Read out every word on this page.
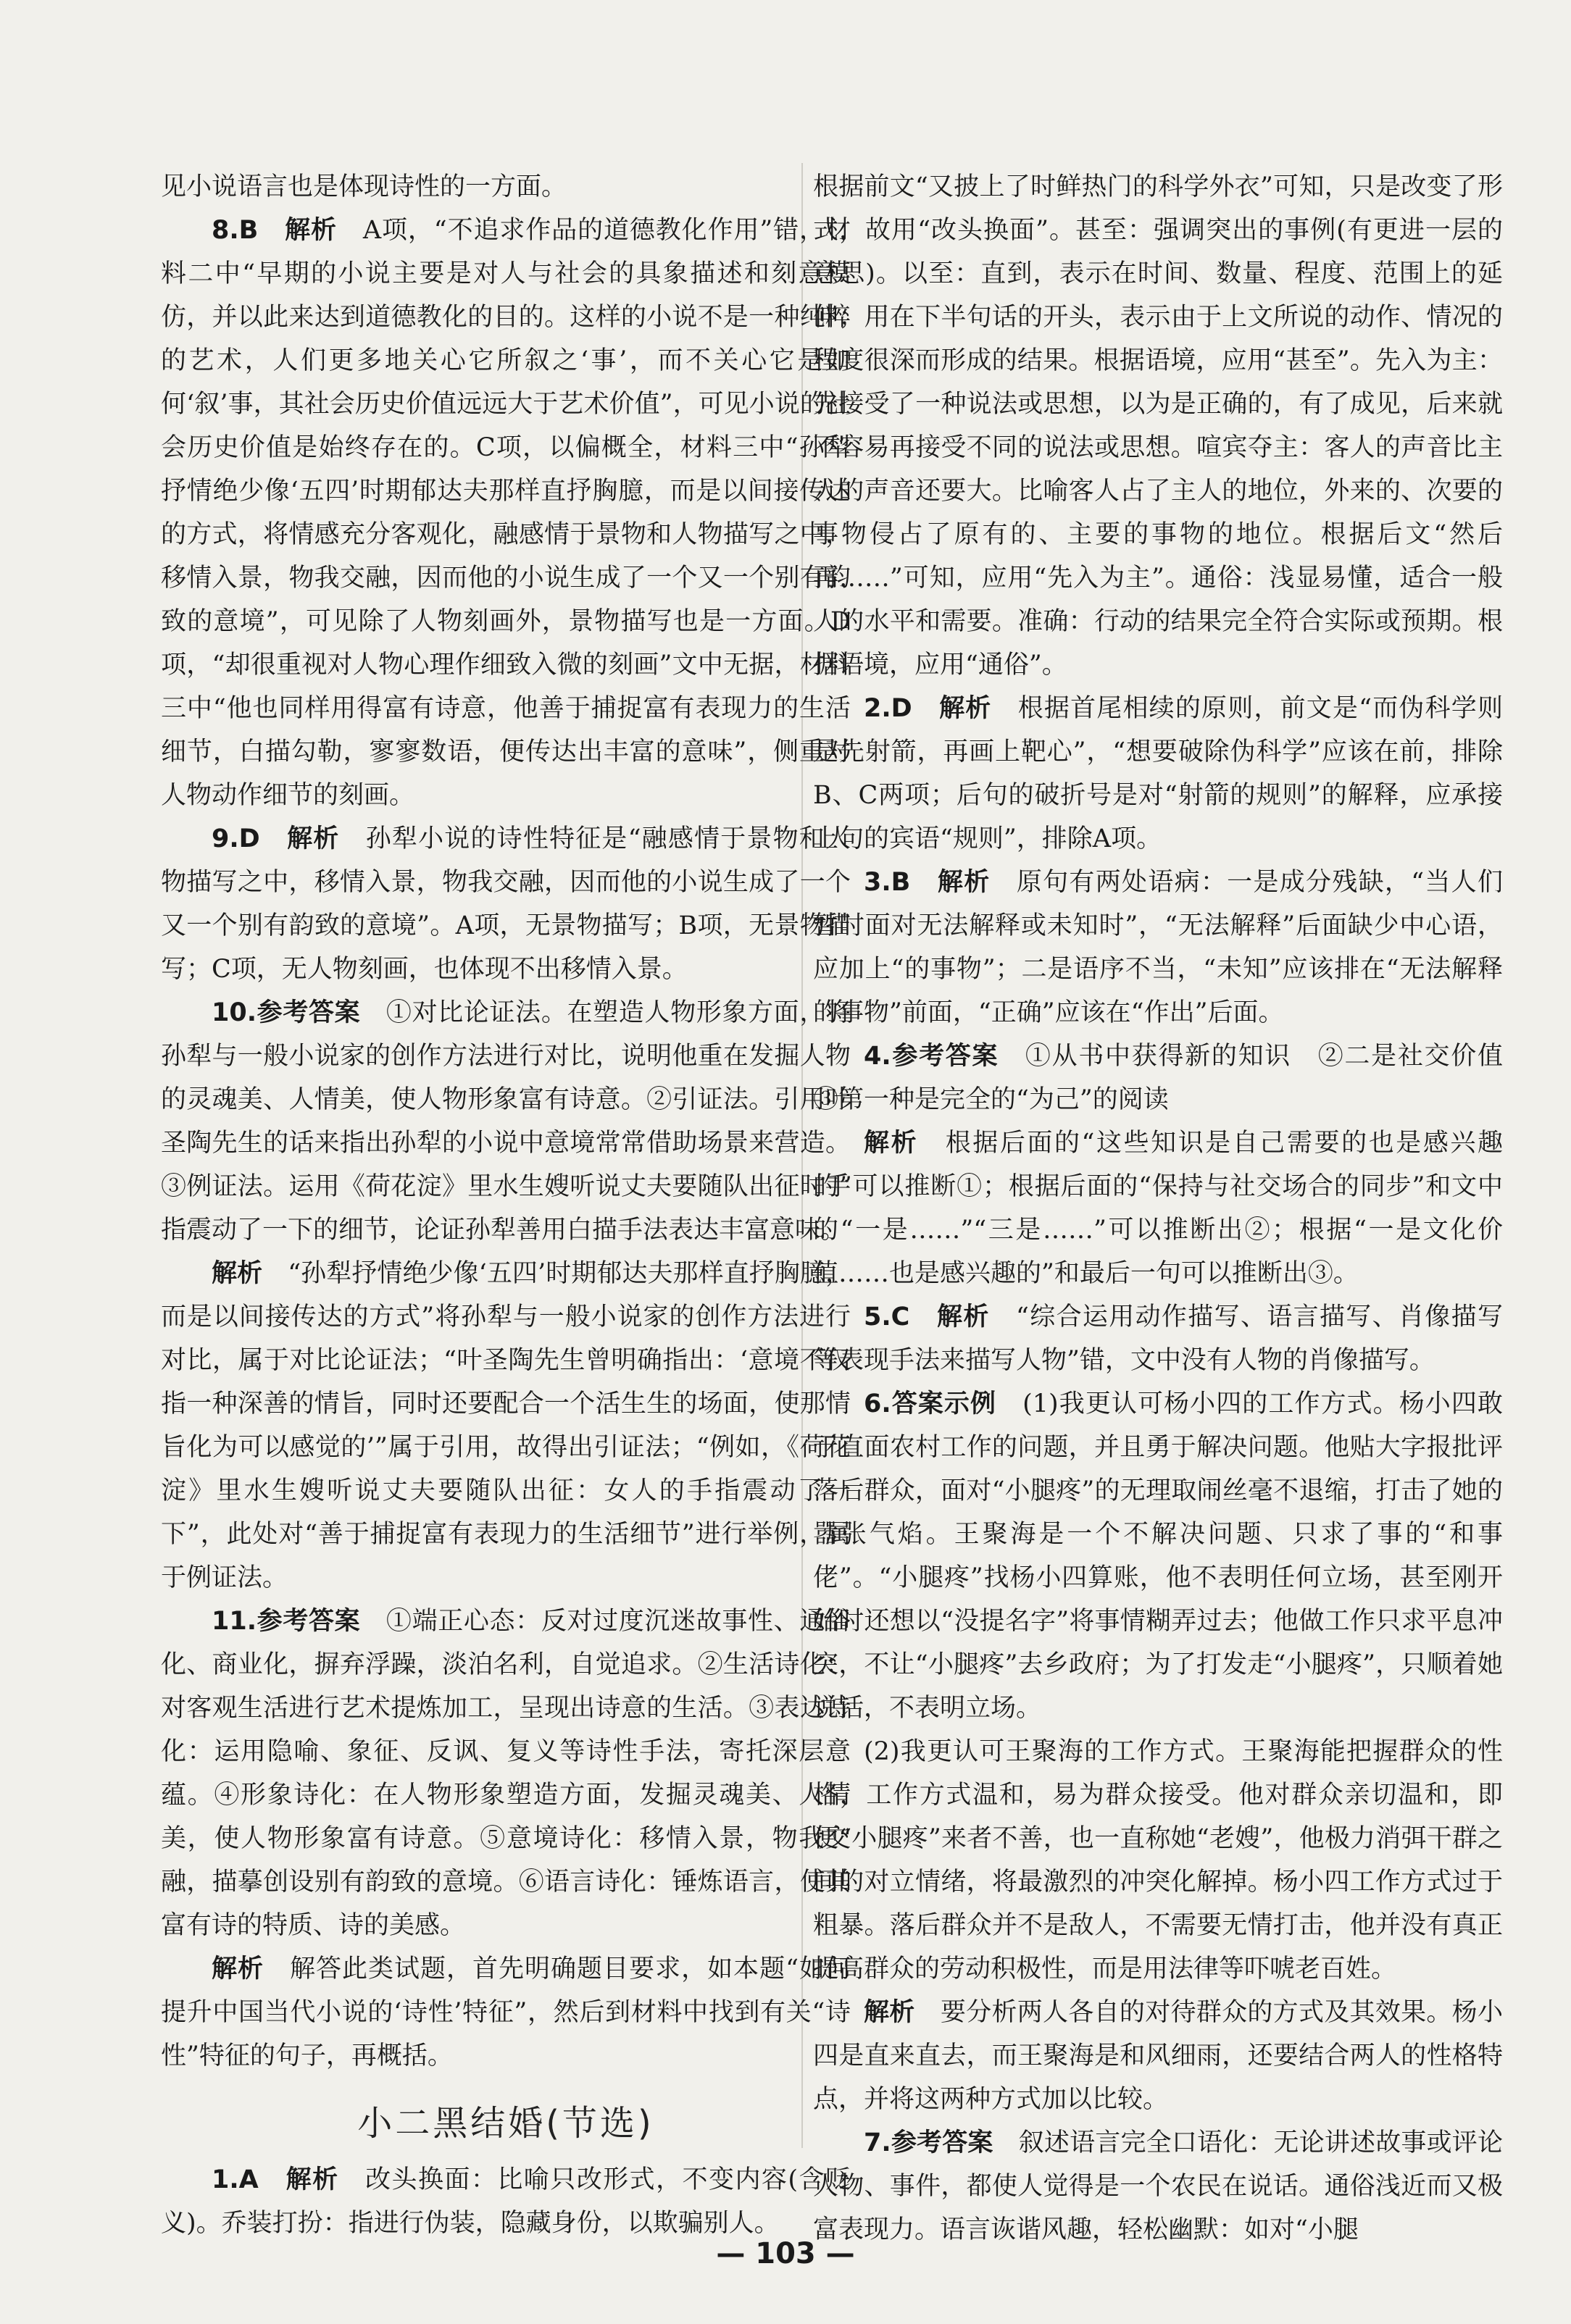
见小说语言也是体现诗性的一方面。

8.B　 解析　 A项，“不追求作品的道德教化作用”错，材料二中“早期的小说主要是对人与社会的具象描述和刻意模仿，并以此来达到道德教化的目的。这样的小说不是一种纯粹的艺术，人们更多地关心它所叙之‘事’，而不关心它是如何‘叙’事，其社会历史价值远远大于艺术价值”，可见小说的社会历史价值是始终存在的。C项，以偏概全，材料三中“孙犁抒情绝少像‘五四’时期郁达夫那样直抒胸臆，而是以间接传达的方式，将情感充分客观化，融感情于景物和人物描写之中，移情入景，物我交融，因而他的小说生成了一个又一个别有韵致的意境”，可见除了人物刻画外，景物描写也是一方面。D项，“却很重视对人物心理作细致入微的刻画”文中无据，材料三中“他也同样用得富有诗意，他善于捕捉富有表现力的生活细节，白描勾勒，寥寥数语，便传达出丰富的意味”，侧重对人物动作细节的刻画。

9.D　 解析　 孙犁小说的诗性特征是“融感情于景物和人物描写之中，移情入景，物我交融，因而他的小说生成了一个又一个别有韵致的意境”。A项，无景物描写；B项，无景物描写；C项，无人物刻画，也体现不出移情入景。

10.参考答案　 ①对比论证法。在塑造人物形象方面，将孙犁与一般小说家的创作方法进行对比，说明他重在发掘人物的灵魂美、人情美，使人物形象富有诗意。②引证法。引用叶圣陶先生的话来指出孙犁的小说中意境常常借助场景来营造。③例证法。运用《荷花淀》里水生嫂听说丈夫要随队出征时手指震动了一下的细节，论证孙犁善用白描手法表达丰富意味。

解析　 “孙犁抒情绝少像‘五四’时期郁达夫那样直抒胸臆，而是以间接传达的方式”将孙犁与一般小说家的创作方法进行对比，属于对比论证法；“叶圣陶先生曾明确指出：‘意境不仅指一种深善的情旨，同时还要配合一个活生生的场面，使那情旨化为可以感觉的’”属于引用，故得出引证法；“例如，《荷花淀》里水生嫂听说丈夫要随队出征：女人的手指震动了一下”，此处对“善于捕捉富有表现力的生活细节”进行举例，属于例证法。

11.参考答案　 ①端正心态：反对过度沉迷故事性、通俗化、商业化，摒弃浮躁，淡泊名利，自觉追求。②生活诗化：对客观生活进行艺术提炼加工，呈现出诗意的生活。③表达诗化：运用隐喻、象征、反讽、复义等诗性手法，寄托深层意蕴。④形象诗化：在人物形象塑造方面，发掘灵魂美、人情美，使人物形象富有诗意。⑤意境诗化：移情入景，物我交融，描摹创设别有韵致的意境。⑥语言诗化：锤炼语言，使其富有诗的特质、诗的美感。

解析　 解答此类试题，首先明确题目要求，如本题“如何提升中国当代小说的‘诗性’特征”，然后到材料中找到有关“诗性”特征的句子，再概括。

小二黑结婚(节选)

1.A　 解析　 改头换面：比喻只改形式，不变内容(含贬义)。乔装打扮：指进行伪装，隐藏身份，以欺骗别人。

根据前文“又披上了时鲜热门的科学外衣”可知，只是改变了形式，故用“改头换面”。甚至：强调突出的事例(有更进一层的意思)。以至：直到，表示在时间、数量、程度、范围上的延伸；用在下半句话的开头，表示由于上文所说的动作、情况的程度很深而形成的结果。根据语境，应用“甚至”。先入为主：先接受了一种说法或思想，以为是正确的，有了成见，后来就不容易再接受不同的说法或思想。喧宾夺主：客人的声音比主人的声音还要大。比喻客人占了主人的地位，外来的、次要的事物侵占了原有的、主要的事物的地位。根据后文“然后再……”可知，应用“先入为主”。通俗：浅显易懂，适合一般人的水平和需要。准确：行动的结果完全符合实际或预期。根据语境，应用“通俗”。

2.D　 解析　 根据首尾相续的原则，前文是“而伪科学则是先射箭，再画上靶心”，“想要破除伪科学”应该在前，排除B、C两项；后句的破折号是对“射箭的规则”的解释，应承接上句的宾语“规则”，排除A项。

3.B　 解析　 原句有两处语病：一是成分残缺，“当人们暂时面对无法解释或未知时”，“无法解释”后面缺少中心语，应加上“的事物”；二是语序不当，“未知”应该排在“无法解释的事物”前面，“正确”应该在“作出”后面。

4.参考答案　 ①从书中获得新的知识　②二是社交价值　③第一种是完全的“为己”的阅读

解析　 根据后面的“这些知识是自己需要的也是感兴趣的”可以推断①；根据后面的“保持与社交场合的同步”和文中的“一是……”“三是……”可以推断出②；根据“一是文化价值……也是感兴趣的”和最后一句可以推断出③。

5.C　 解析　 “综合运用动作描写、语言描写、肖像描写等表现手法来描写人物”错，文中没有人物的肖像描写。

6.答案示例　 (1)我更认可杨小四的工作方式。杨小四敢于直面农村工作的问题，并且勇于解决问题。他贴大字报批评落后群众，面对“小腿疼”的无理取闹丝毫不退缩，打击了她的嚣张气焰。王聚海是一个不解决问题、只求了事的“和事佬”。“小腿疼”找杨小四算账，他不表明任何立场，甚至刚开始时还想以“没提名字”将事情糊弄过去；他做工作只求平息冲突，不让“小腿疼”去乡政府；为了打发走“小腿疼”，只顺着她说话，不表明立场。

(2)我更认可王聚海的工作方式。王聚海能把握群众的性格，工作方式温和，易为群众接受。他对群众亲切温和，即便“小腿疼”来者不善，也一直称她“老嫂”，他极力消弭干群之间的对立情绪，将最激烈的冲突化解掉。杨小四工作方式过于粗暴。落后群众并不是敌人，不需要无情打击，他并没有真正提高群众的劳动积极性，而是用法律等吓唬老百姓。

解析　 要分析两人各自的对待群众的方式及其效果。杨小四是直来直去，而王聚海是和风细雨，还要结合两人的性格特点，并将这两种方式加以比较。

7.参考答案　 叙述语言完全口语化：无论讲述故事或评论人物、事件，都使人觉得是一个农民在说话。通俗浅近而又极富表现力。语言诙谐风趣，轻松幽默：如对“小腿

— 103 —
